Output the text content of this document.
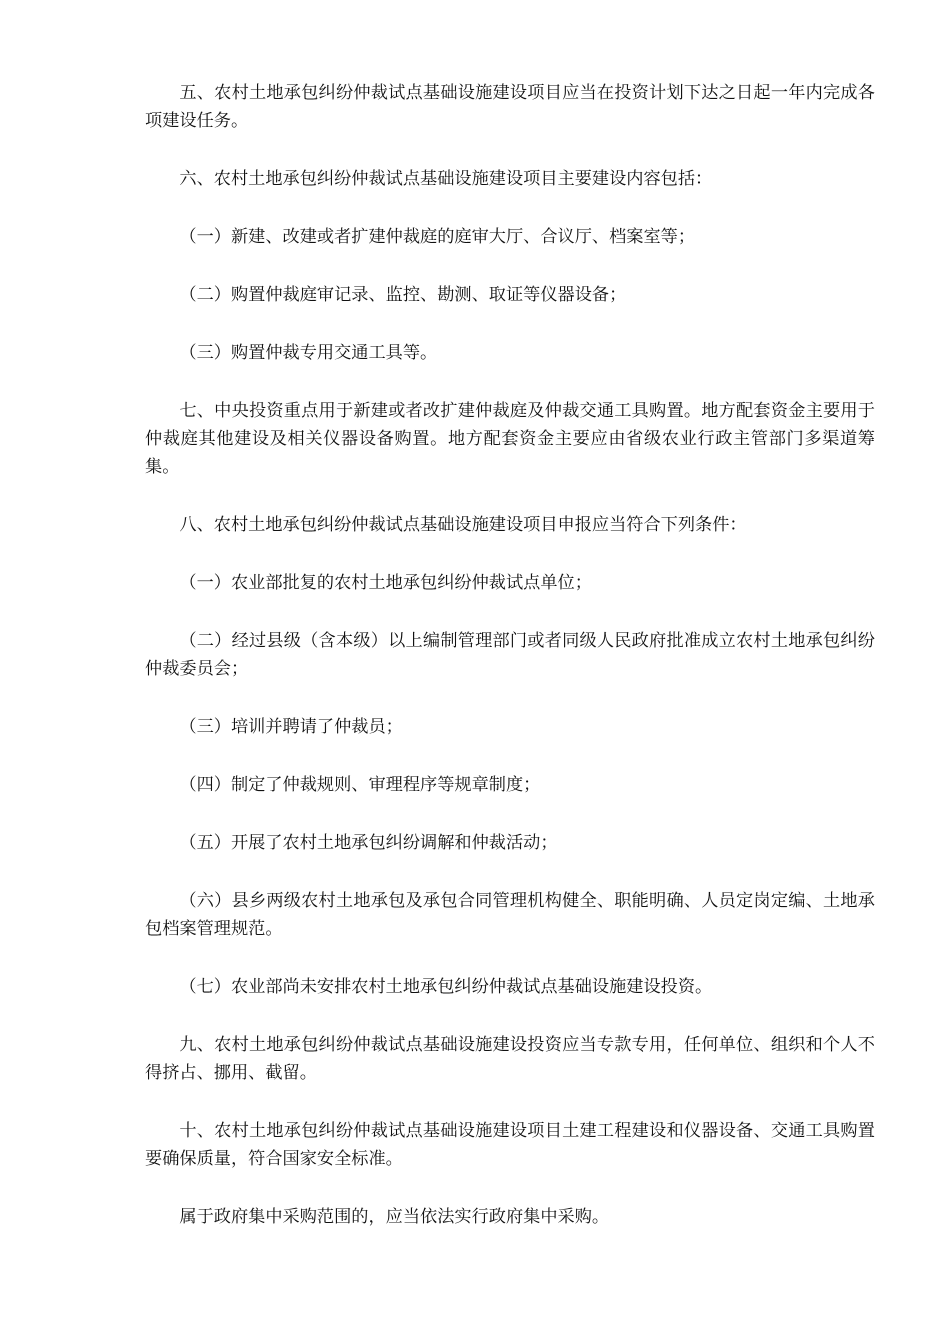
五、农村土地承包纠纷仲裁试点基础设施建设项目应当在投资计划下达之日起一年内完成各项建设任务。

六、农村土地承包纠纷仲裁试点基础设施建设项目主要建设内容包括：

（一）新建、改建或者扩建仲裁庭的庭审大厅、合议厅、档案室等；

（二）购置仲裁庭审记录、监控、勘测、取证等仪器设备；

（三）购置仲裁专用交通工具等。

七、中央投资重点用于新建或者改扩建仲裁庭及仲裁交通工具购置。地方配套资金主要用于仲裁庭其他建设及相关仪器设备购置。地方配套资金主要应由省级农业行政主管部门多渠道筹集。

八、农村土地承包纠纷仲裁试点基础设施建设项目申报应当符合下列条件：

（一）农业部批复的农村土地承包纠纷仲裁试点单位；

（二）经过县级（含本级）以上编制管理部门或者同级人民政府批准成立农村土地承包纠纷仲裁委员会；

（三）培训并聘请了仲裁员；

（四）制定了仲裁规则、审理程序等规章制度；

（五）开展了农村土地承包纠纷调解和仲裁活动；

（六）县乡两级农村土地承包及承包合同管理机构健全、职能明确、人员定岗定编、土地承包档案管理规范。

（七）农业部尚未安排农村土地承包纠纷仲裁试点基础设施建设投资。

九、农村土地承包纠纷仲裁试点基础设施建设投资应当专款专用，任何单位、组织和个人不得挤占、挪用、截留。

十、农村土地承包纠纷仲裁试点基础设施建设项目土建工程建设和仪器设备、交通工具购置要确保质量，符合国家安全标准。

属于政府集中采购范围的，应当依法实行政府集中采购。
